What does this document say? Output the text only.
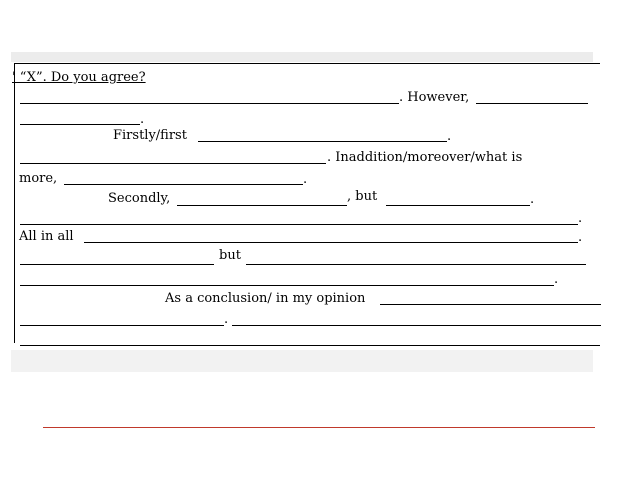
' “X”. Do you agree?
. However,
.
Firstly/first	.
. Inaddition/moreover/what is
more,	.
Secondly,	, but	.
.
All in all	.
but
.
As a conclusion/ in my opinion
.
